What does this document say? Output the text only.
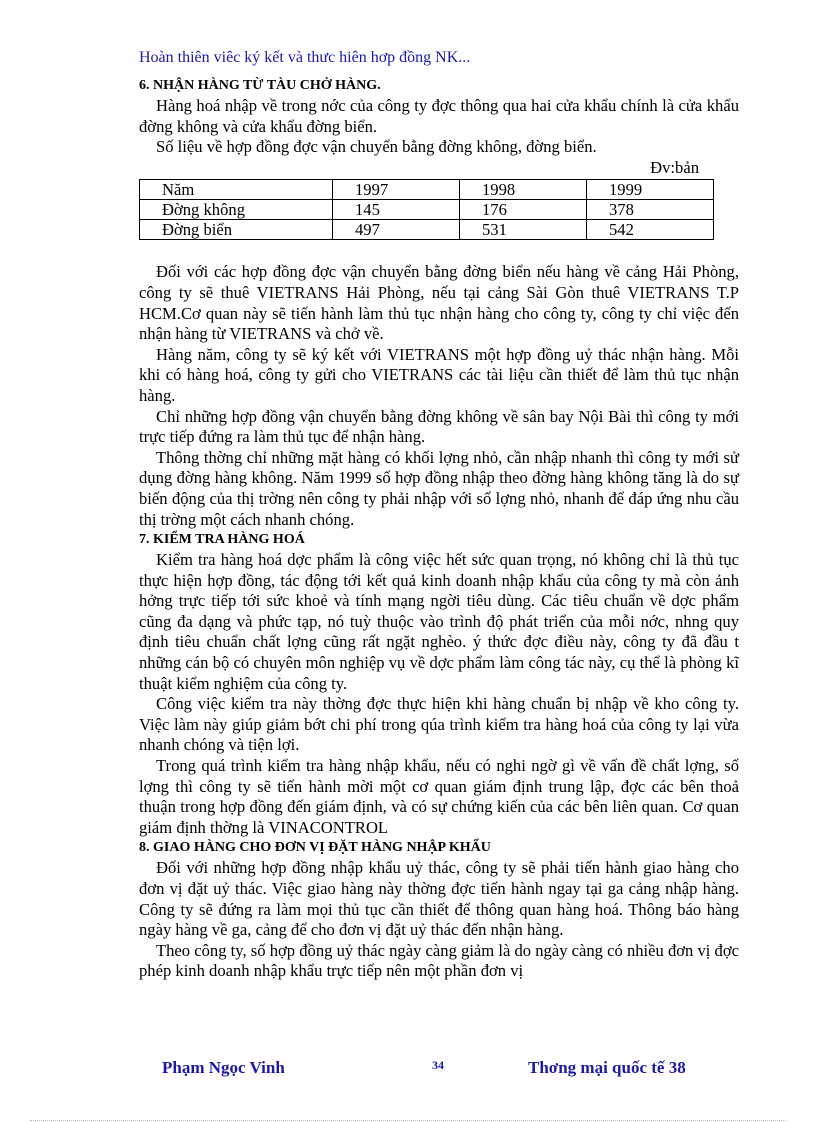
Hoàn thiên viêc ký kết và thưc hiên hơp đồng NK...
6. NHẬN HÀNG TỪ TÀU CHỞ HÀNG.

Hàng hoá nhập về trong nớc của công ty đợc thông qua hai cửa khẩu chính là cửa khẩu đờng không và cửa khẩu đờng biển.

Số liệu về hợp đồng đợc vận chuyển bằng đờng không, đờng biển.

Đv:bản
Năm	1997	1998	1999
Đờng không	145	176	378
Đờng biển	497	531	542

Đối với các hợp đồng đợc vận chuyển bằng đờng biển nếu hàng về cảng Hải Phòng, công ty sẽ thuê VIETRANS Hải Phòng, nếu tại cảng Sài Gòn thuê VIETRANS T.P HCM.Cơ quan này sẽ tiến hành làm thủ tục nhận hàng cho công ty, công ty chỉ việc đến nhận hàng từ VIETRANS và chở về.

Hàng năm, công ty sẽ ký kết với VIETRANS một hợp đồng uỷ thác nhận hàng. Mỗi khi có hàng hoá, công ty gửi cho VIETRANS các tài liệu cần thiết để làm thủ tục nhận hàng.

Chỉ những hợp đồng vận chuyển bằng đờng không về sân bay Nội Bài thì công ty mới trực tiếp đứng ra làm thủ tục để nhận hàng.

Thông thờng chỉ những mặt hàng có khối lợng nhỏ, cần nhập nhanh thì công ty mới sử dụng đờng hàng không. Năm 1999 số hợp đồng nhập theo đờng hàng không tăng là do sự biến động của thị trờng nên công ty phải nhập với số lợng nhỏ, nhanh để đáp ứng nhu cầu thị trờng một cách nhanh chóng.

7. KIỂM TRA HÀNG HOÁ

Kiểm tra hàng hoá dợc phẩm là công việc hết sức quan trọng, nó không chỉ là thủ tục thực hiện hợp đồng, tác động tới kết quả kinh doanh nhập khẩu của công ty mà còn ảnh hởng trực tiếp tới sức khoẻ và tính mạng ngời tiêu dùng. Các tiêu chuẩn về dợc phẩm cũng đa dạng và phức tạp, nó tuỳ thuộc vào trình độ phát triển của mỗi nớc, nhng quy định tiêu chuẩn chất lợng cũng rất ngặt nghèo. ý thức đợc điều này, công ty đã đầu t những cán bộ có chuyên môn nghiệp vụ về dợc phẩm làm công tác này, cụ thể là phòng kĩ thuật kiểm nghiệm của công ty.

Công việc kiểm tra này thờng đợc thực hiện khi hàng chuẩn bị nhập về kho công ty. Việc làm này giúp giảm bớt chi phí trong qúa trình kiểm tra hàng hoá của công ty lại vừa nhanh chóng và tiện lợi.

Trong quá trình kiểm tra hàng nhập khẩu, nếu có nghi ngờ gì về vấn đề chất lợng, số lợng thì công ty sẽ tiến hành mời một cơ quan giám định trung lập, đợc các bên thoả thuận trong hợp đồng đến giám định, và có sự chứng kiến của các bên liên quan. Cơ quan giám định thờng là VINACONTROL

8. GIAO HÀNG CHO ĐƠN VỊ ĐẶT HÀNG NHẬP KHẨU

Đối với những hợp đồng nhập khẩu uỷ thác, công ty sẽ phải tiến hành giao hàng cho đơn vị đặt uỷ thác. Việc giao hàng này thờng đợc tiến hành ngay tại ga cảng nhập hàng. Công ty sẽ đứng ra làm mọi thủ tục cần thiết để thông quan hàng hoá. Thông báo hàng ngày hàng về ga, cảng để cho đơn vị đặt uỷ thác đến nhận hàng.

Theo công ty, số hợp đồng uỷ thác ngày càng giảm là do ngày càng có nhiều đơn vị đợc phép kinh doanh nhập khẩu trực tiếp nên một phần đơn vị

Phạm Ngọc Vinh	34	Thơng mại quốc tế 38
